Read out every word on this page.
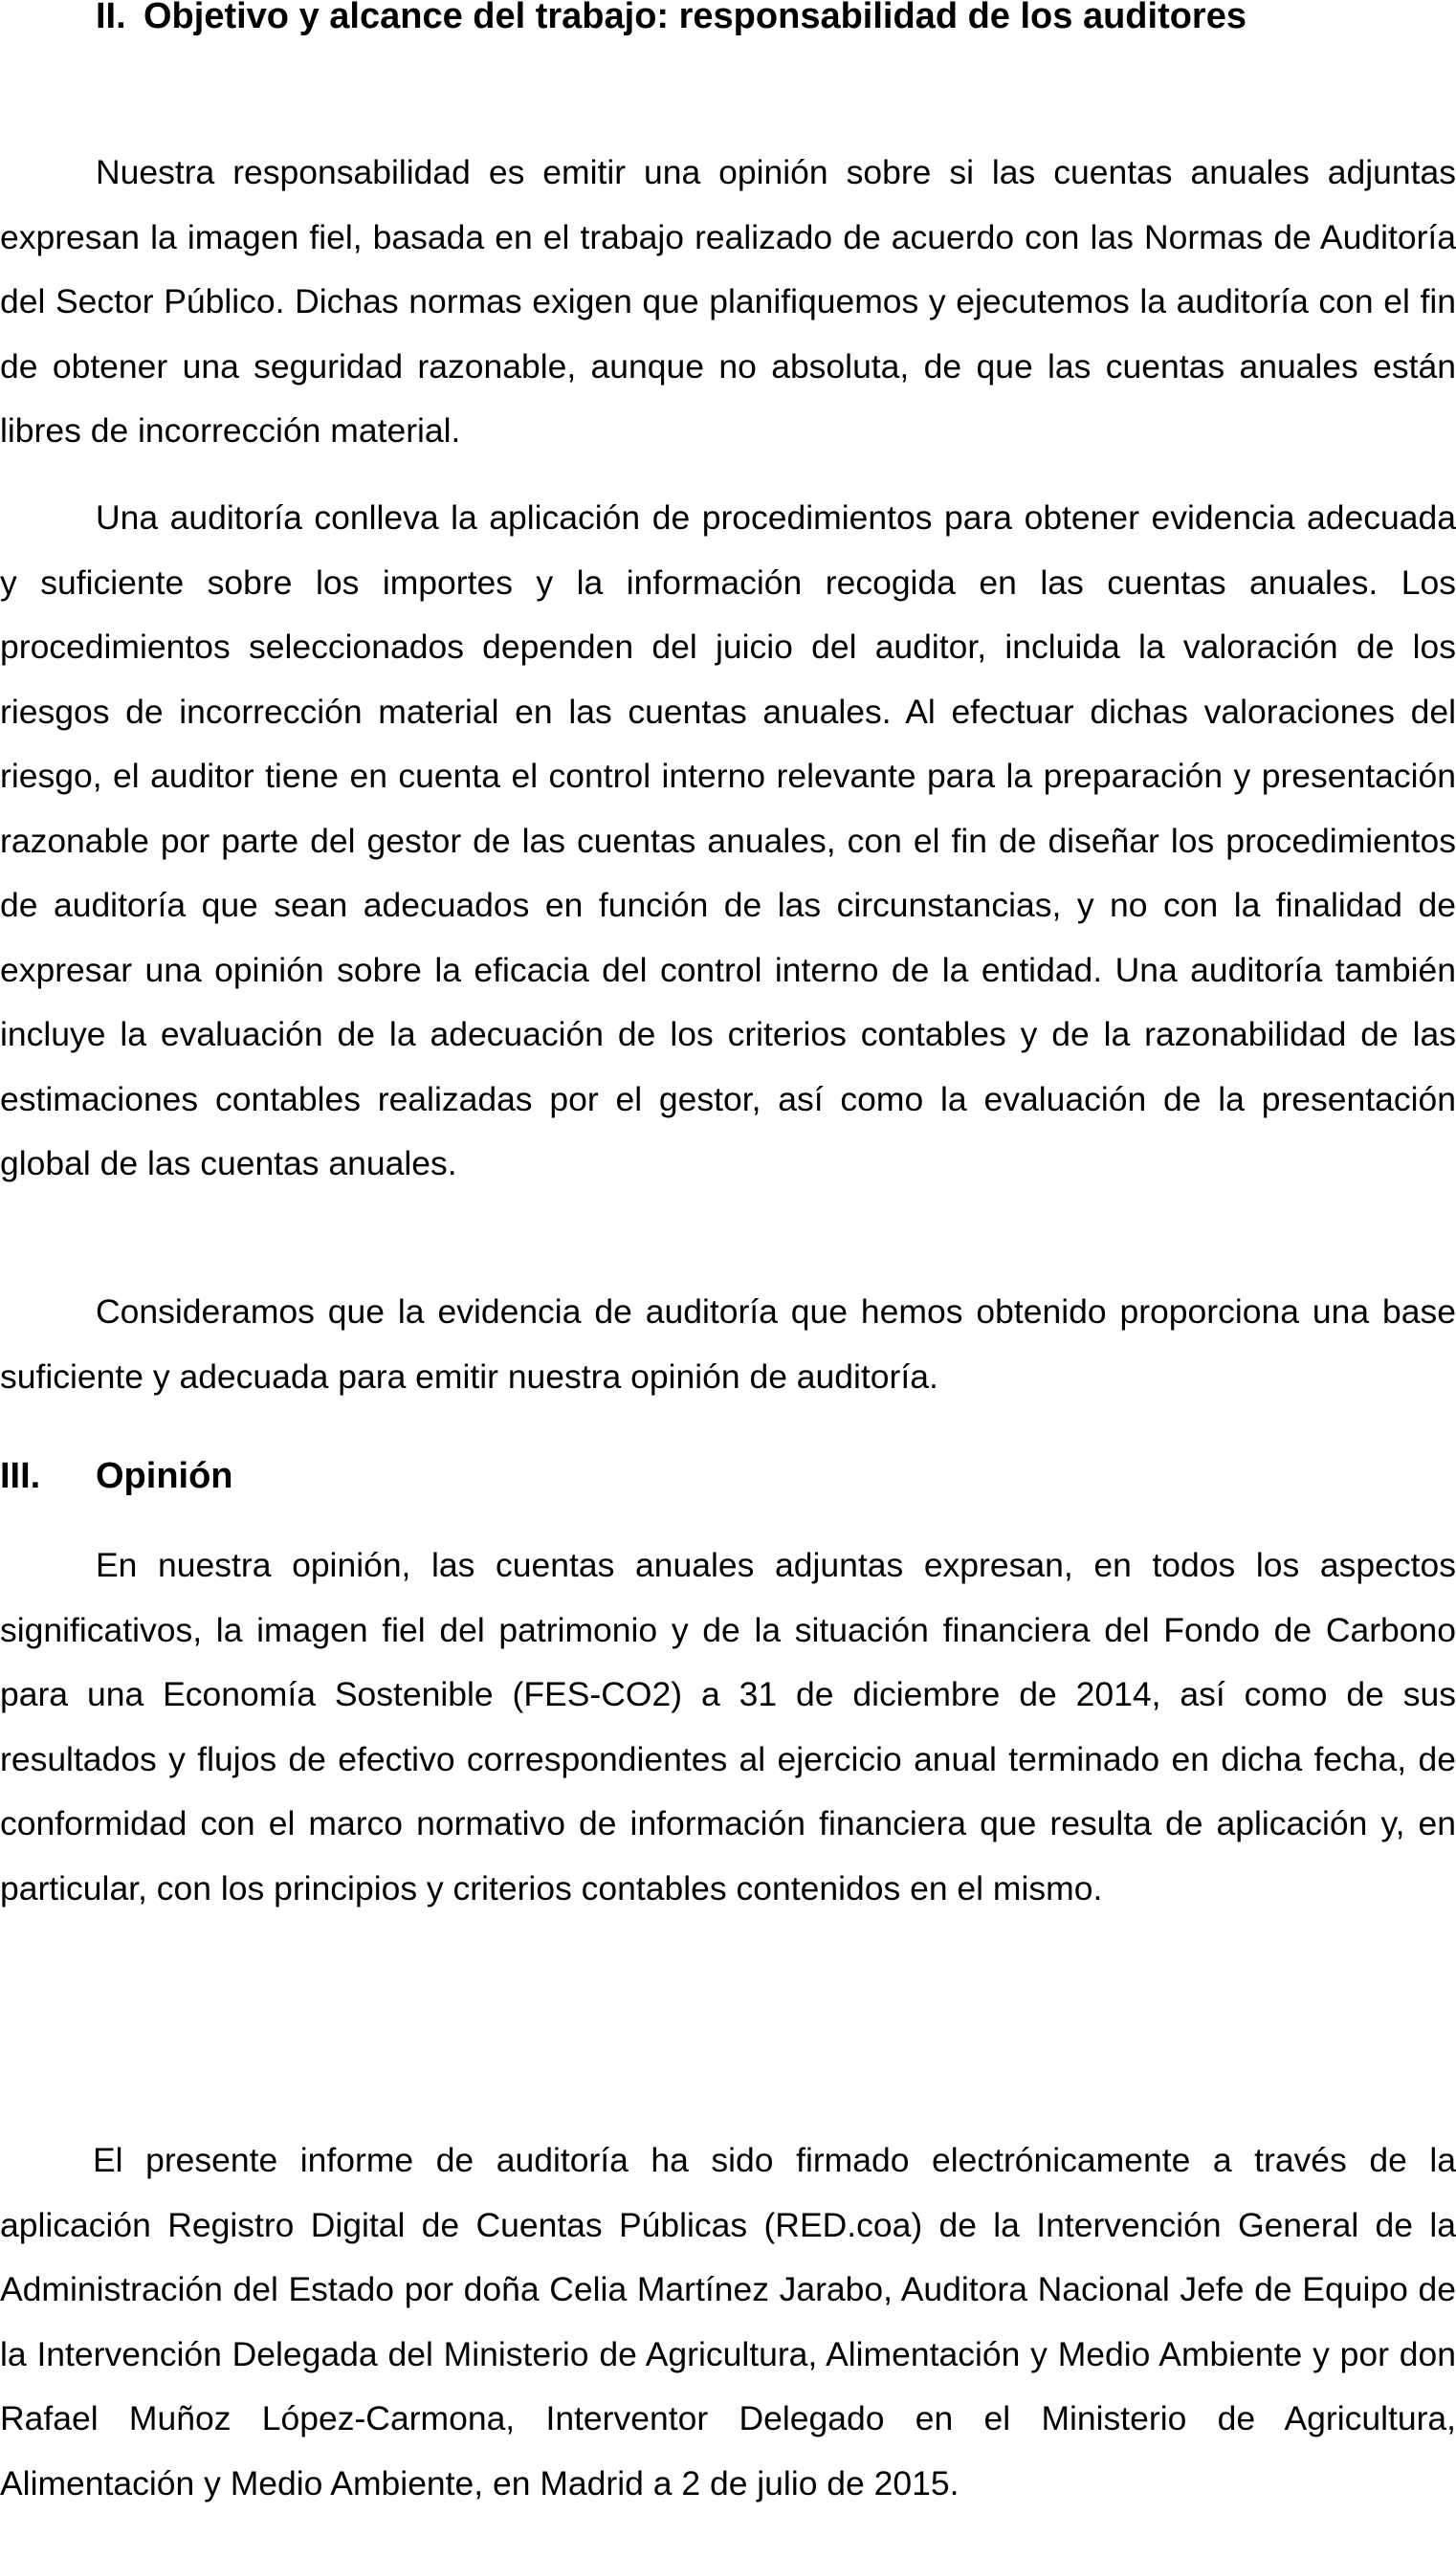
II. Objetivo y alcance del trabajo: responsabilidad de los auditores

Nuestra responsabilidad es emitir una opinión sobre si las cuentas anuales adjuntas expresan la imagen fiel, basada en el trabajo realizado de acuerdo con las Normas de Auditoría del Sector Público. Dichas normas exigen que planifiquemos y ejecutemos la auditoría con el fin de obtener una seguridad razonable, aunque no absoluta, de que las cuentas anuales están libres de incorrección material.

Una auditoría conlleva la aplicación de procedimientos para obtener evidencia adecuada y suficiente sobre los importes y la información recogida en las cuentas anuales. Los procedimientos seleccionados dependen del juicio del auditor, incluida la valoración de los riesgos de incorrección material en las cuentas anuales. Al efectuar dichas valoraciones del riesgo, el auditor tiene en cuenta el control interno relevante para la preparación y presentación razonable por parte del gestor de las cuentas anuales, con el fin de diseñar los procedimientos de auditoría que sean adecuados en función de las circunstancias, y no con la finalidad de expresar una opinión sobre la eficacia del control interno de la entidad. Una auditoría también incluye la evaluación de la adecuación de los criterios contables y de la razonabilidad de las estimaciones contables realizadas por el gestor, así como la evaluación de la presentación global de las cuentas anuales.

Consideramos que la evidencia de auditoría que hemos obtenido proporciona una base suficiente y adecuada para emitir nuestra opinión de auditoría.

III. Opinión

En nuestra opinión, las cuentas anuales adjuntas expresan, en todos los aspectos significativos, la imagen fiel del patrimonio y de la situación financiera del Fondo de Carbono para una Economía Sostenible (FES-CO2) a 31 de diciembre de 2014, así como de sus resultados y flujos de efectivo correspondientes al ejercicio anual terminado en dicha fecha, de conformidad con el marco normativo de información financiera que resulta de aplicación y, en particular, con los principios y criterios contables contenidos en el mismo.

El presente informe de auditoría ha sido firmado electrónicamente a través de la aplicación Registro Digital de Cuentas Públicas (RED.coa) de la Intervención General de la Administración del Estado por doña Celia Martínez Jarabo, Auditora Nacional Jefe de Equipo de la Intervención Delegada del Ministerio de Agricultura, Alimentación y Medio Ambiente y por don Rafael Muñoz López-Carmona, Interventor Delegado en el Ministerio de Agricultura, Alimentación y Medio Ambiente, en Madrid a 2 de julio de 2015.
